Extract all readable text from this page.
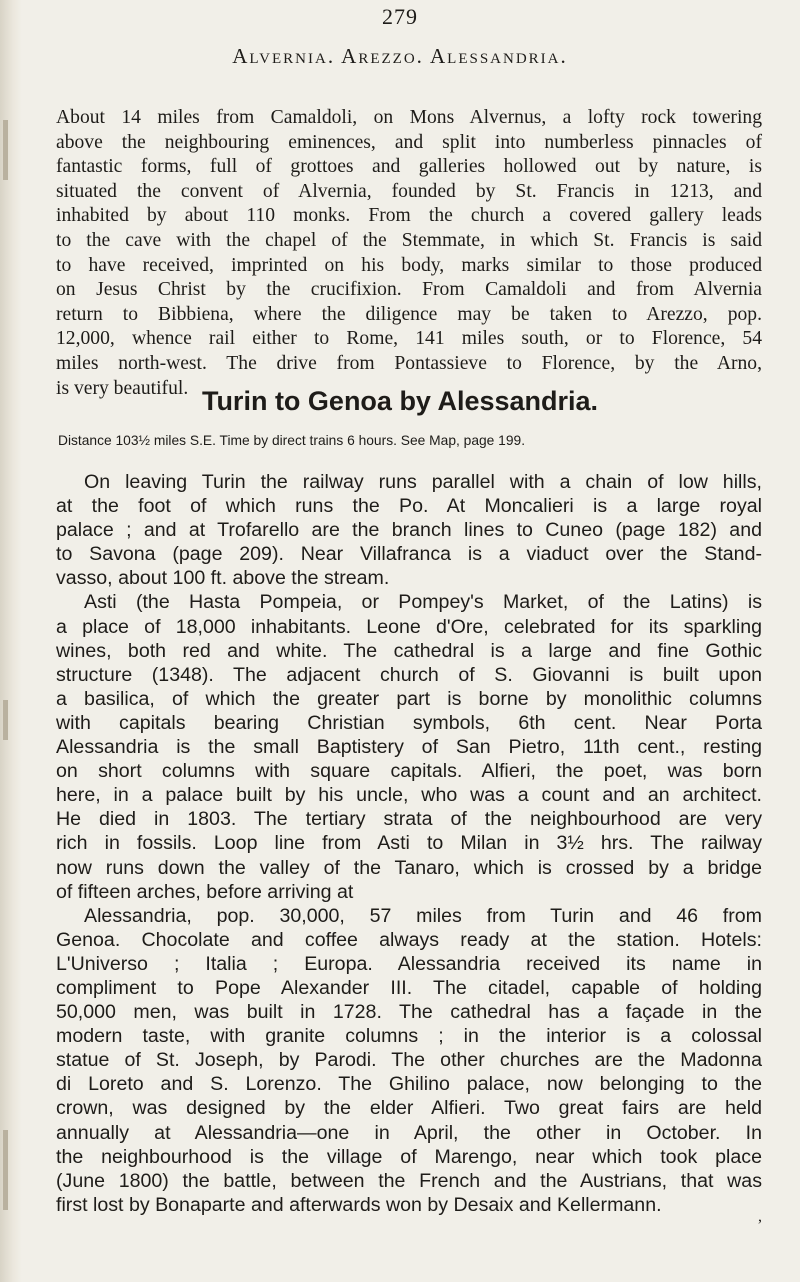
279
Alvernia. Arezzo. Alessandria.
About 14 miles from Camaldoli, on Mons Alvernus, a lofty rock towering
above the neighbouring eminences, and split into numberless pinnacles of
fantastic forms, full of grottoes and galleries hollowed out by nature, is
situated the convent of Alvernia, founded by St. Francis in 1213, and
inhabited by about 110 monks. From the church a covered gallery leads
to the cave with the chapel of the Stemmate, in which St. Francis is said
to have received, imprinted on his body, marks similar to those produced
on Jesus Christ by the crucifixion. From Camaldoli and from Alvernia
return to Bibbiena, where the diligence may be taken to Arezzo, pop.
12,000, whence rail either to Rome, 141 miles south, or to Florence, 54
miles north-west. The drive from Pontassieve to Florence, by the Arno,
is very beautiful. Turin to Genoa by Alessandria.
Distance 103½ miles S.E. Time by direct trains 6 hours. See Map, page 199.
On leaving Turin the railway runs parallel with a chain of low hills,
at the foot of which runs the Po. At Moncalieri is a large royal
palace ; and at Trofarello are the branch lines to Cuneo (page 182) and
to Savona (page 209). Near Villafranca is a viaduct over the Stand-
vasso, about 100 ft. above the stream.
Asti (the Hasta Pompeia, or Pompey's Market, of the Latins) is
a place of 18,000 inhabitants. Leone d'Ore, celebrated for its sparkling
wines, both red and white. The cathedral is a large and fine Gothic
structure (1348). The adjacent church of S. Giovanni is built upon
a basilica, of which the greater part is borne by monolithic columns
with capitals bearing Christian symbols, 6th cent. Near Porta
Alessandria is the small Baptistery of San Pietro, 11th cent., resting
on short columns with square capitals. Alfieri, the poet, was born
here, in a palace built by his uncle, who was a count and an architect.
He died in 1803. The tertiary strata of the neighbourhood are very
rich in fossils. Loop line from Asti to Milan in 3½ hrs. The railway
now runs down the valley of the Tanaro, which is crossed by a bridge
of fifteen arches, before arriving at
Alessandria, pop. 30,000, 57 miles from Turin and 46 from
Genoa. Chocolate and coffee always ready at the station. Hotels:
L'Universo ; Italia ; Europa. Alessandria received its name in
compliment to Pope Alexander III. The citadel, capable of holding
50,000 men, was built in 1728. The cathedral has a façade in the
modern taste, with granite columns ; in the interior is a colossal
statue of St. Joseph, by Parodi. The other churches are the Madonna
di Loreto and S. Lorenzo. The Ghilino palace, now belonging to the
crown, was designed by the elder Alfieri. Two great fairs are held
annually at Alessandria—one in April, the other in October. In
the neighbourhood is the village of Marengo, near which took place
(June 1800) the battle, between the French and the Austrians, that was
first lost by Bonaparte and afterwards won by Desaix and Kellermann.
,
